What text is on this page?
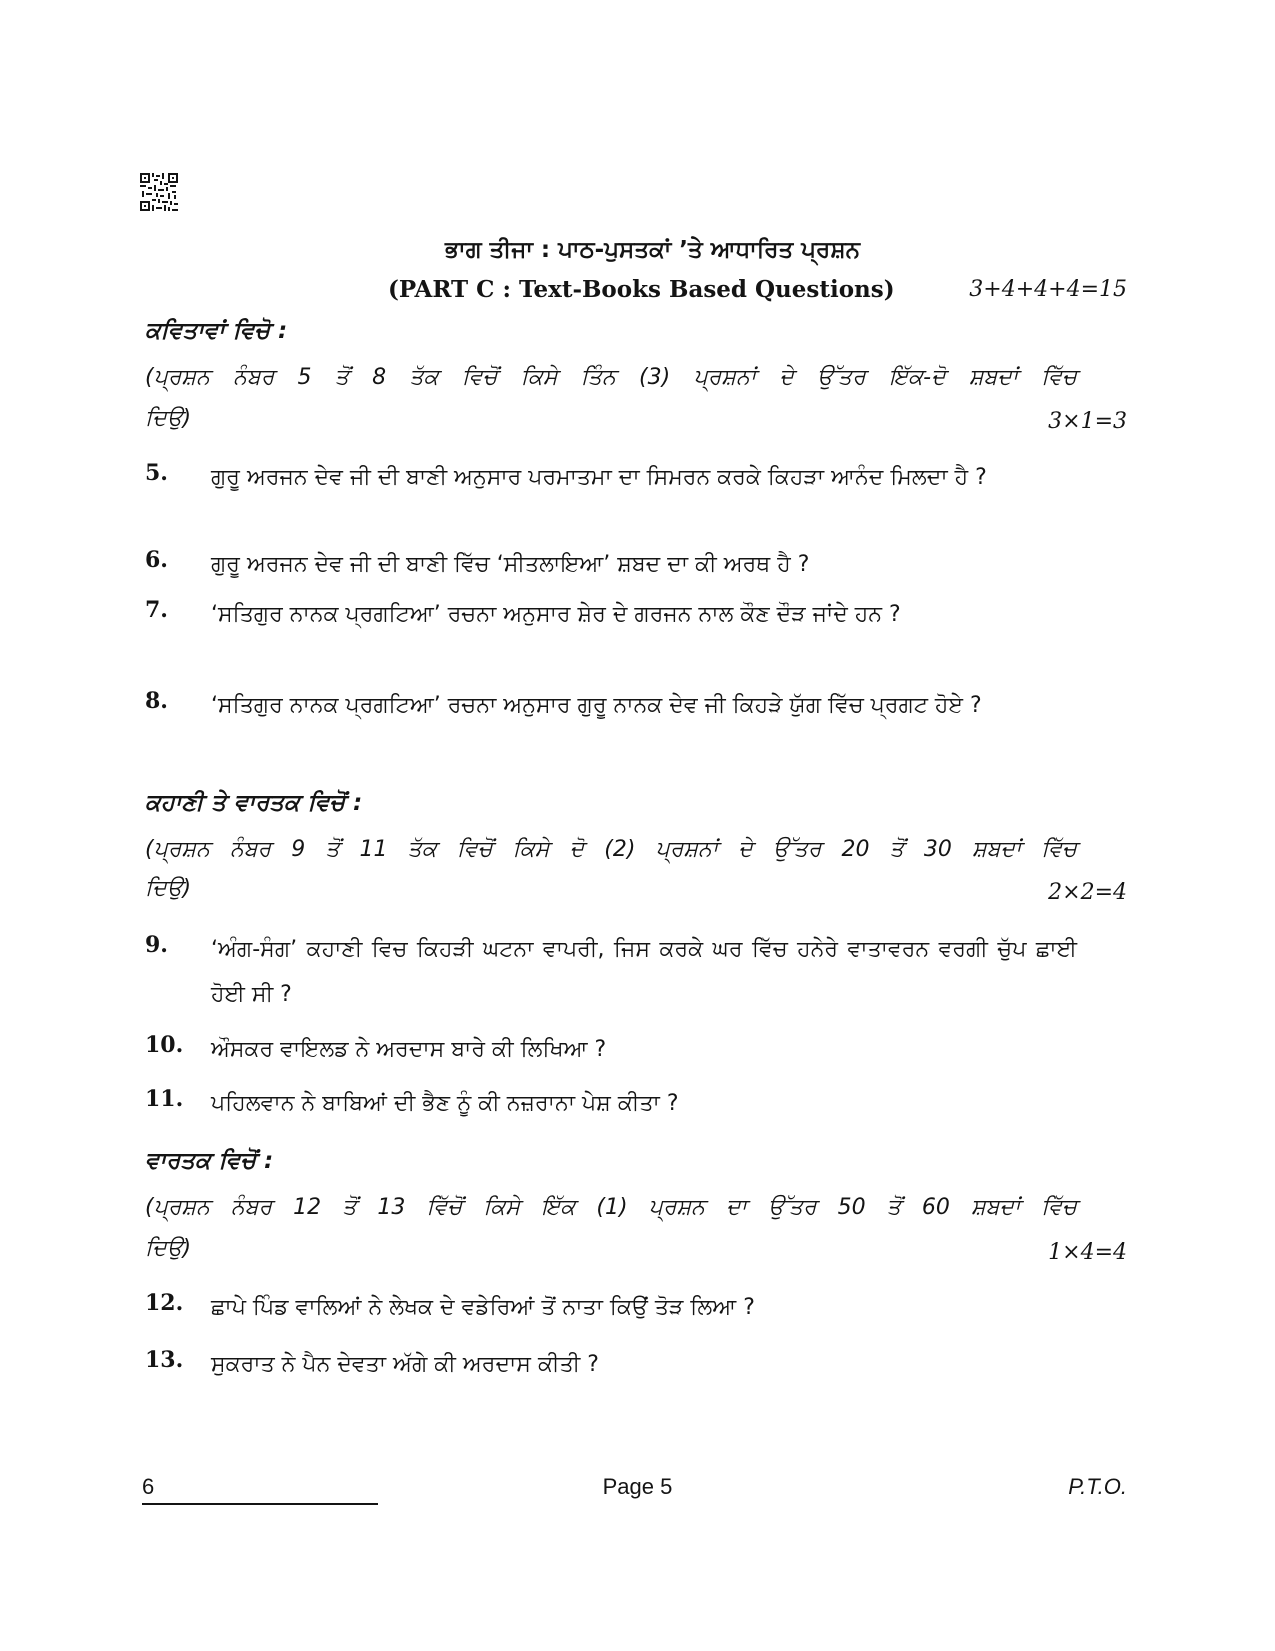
ਭਾਗ ਤੀਜਾ : ਪਾਠ-ਪੁਸਤਕਾਂ ’ਤੇ ਆਧਾਰਿਤ ਪ੍ਰਸ਼ਨ
(PART C : Text-Books Based Questions)	3+4+4+4=15
ਕਵਿਤਾਵਾਂ ਵਿਚੋ :
(ਪ੍ਰਸ਼ਨ ਨੰਬਰ 5 ਤੋਂ 8 ਤੱਕ ਵਿਚੋਂ ਕਿਸੇ ਤਿੰਨ (3) ਪ੍ਰਸ਼ਨਾਂ ਦੇ ਉੱਤਰ ਇੱਕ-ਦੋ ਸ਼ਬਦਾਂ ਵਿੱਚ
ਦਿਉ)	3×1=3
5. ਗੁਰੂ ਅਰਜਨ ਦੇਵ ਜੀ ਦੀ ਬਾਣੀ ਅਨੁਸਾਰ ਪਰਮਾਤਮਾ ਦਾ ਸਿਮਰਨ ਕਰਕੇ ਕਿਹੜਾ ਆਨੰਦ ਮਿਲਦਾ ਹੈ ?
6. ਗੁਰੂ ਅਰਜਨ ਦੇਵ ਜੀ ਦੀ ਬਾਣੀ ਵਿੱਚ ‘ਸੀਤਲਾਇਆ’ ਸ਼ਬਦ ਦਾ ਕੀ ਅਰਥ ਹੈ ?
7. ‘ਸਤਿਗੁਰ ਨਾਨਕ ਪ੍ਰਗਟਿਆ’ ਰਚਨਾ ਅਨੁਸਾਰ ਸ਼ੇਰ ਦੇ ਗਰਜਨ ਨਾਲ ਕੌਣ ਦੌੜ ਜਾਂਦੇ ਹਨ ?
8. ‘ਸਤਿਗੁਰ ਨਾਨਕ ਪ੍ਰਗਟਿਆ’ ਰਚਨਾ ਅਨੁਸਾਰ ਗੁਰੂ ਨਾਨਕ ਦੇਵ ਜੀ ਕਿਹੜੇ ਯੁੱਗ ਵਿੱਚ ਪ੍ਰਗਟ ਹੋਏ ?
ਕਹਾਣੀ ਤੇ ਵਾਰਤਕ ਵਿਚੋਂ :
(ਪ੍ਰਸ਼ਨ ਨੰਬਰ 9 ਤੋਂ 11 ਤੱਕ ਵਿਚੋਂ ਕਿਸੇ ਦੋ (2) ਪ੍ਰਸ਼ਨਾਂ ਦੇ ਉੱਤਰ 20 ਤੋਂ 30 ਸ਼ਬਦਾਂ ਵਿੱਚ
ਦਿਉ)	2×2=4
9. ‘ਅੰਗ-ਸੰਗ’ ਕਹਾਣੀ ਵਿਚ ਕਿਹੜੀ ਘਟਨਾ ਵਾਪਰੀ, ਜਿਸ ਕਰਕੇ ਘਰ ਵਿੱਚ ਹਨੇਰੇ ਵਾਤਾਵਰਨ ਵਰਗੀ ਚੁੱਪ ਛਾਈ ਹੋਈ ਸੀ ?
10. ਔਸਕਰ ਵਾਇਲਡ ਨੇ ਅਰਦਾਸ ਬਾਰੇ ਕੀ ਲਿਖਿਆ ?
11. ਪਹਿਲਵਾਨ ਨੇ ਬਾਬਿਆਂ ਦੀ ਭੈਣ ਨੂੰ ਕੀ ਨਜ਼ਰਾਨਾ ਪੇਸ਼ ਕੀਤਾ ?
ਵਾਰਤਕ ਵਿਚੋਂ :
(ਪ੍ਰਸ਼ਨ ਨੰਬਰ 12 ਤੋਂ 13 ਵਿੱਚੋਂ ਕਿਸੇ ਇੱਕ (1) ਪ੍ਰਸ਼ਨ ਦਾ ਉੱਤਰ 50 ਤੋਂ 60 ਸ਼ਬਦਾਂ ਵਿੱਚ
ਦਿਉ)	1×4=4
12. ਛਾਪੇ ਪਿੰਡ ਵਾਲਿਆਂ ਨੇ ਲੇਖਕ ਦੇ ਵਡੇਰਿਆਂ ਤੋਂ ਨਾਤਾ ਕਿਉਂ ਤੋੜ ਲਿਆ ?
13. ਸੁਕਰਾਤ ਨੇ ਪੈਨ ਦੇਵਤਾ ਅੱਗੇ ਕੀ ਅਰਦਾਸ ਕੀਤੀ ?
6	Page 5	P.T.O.
